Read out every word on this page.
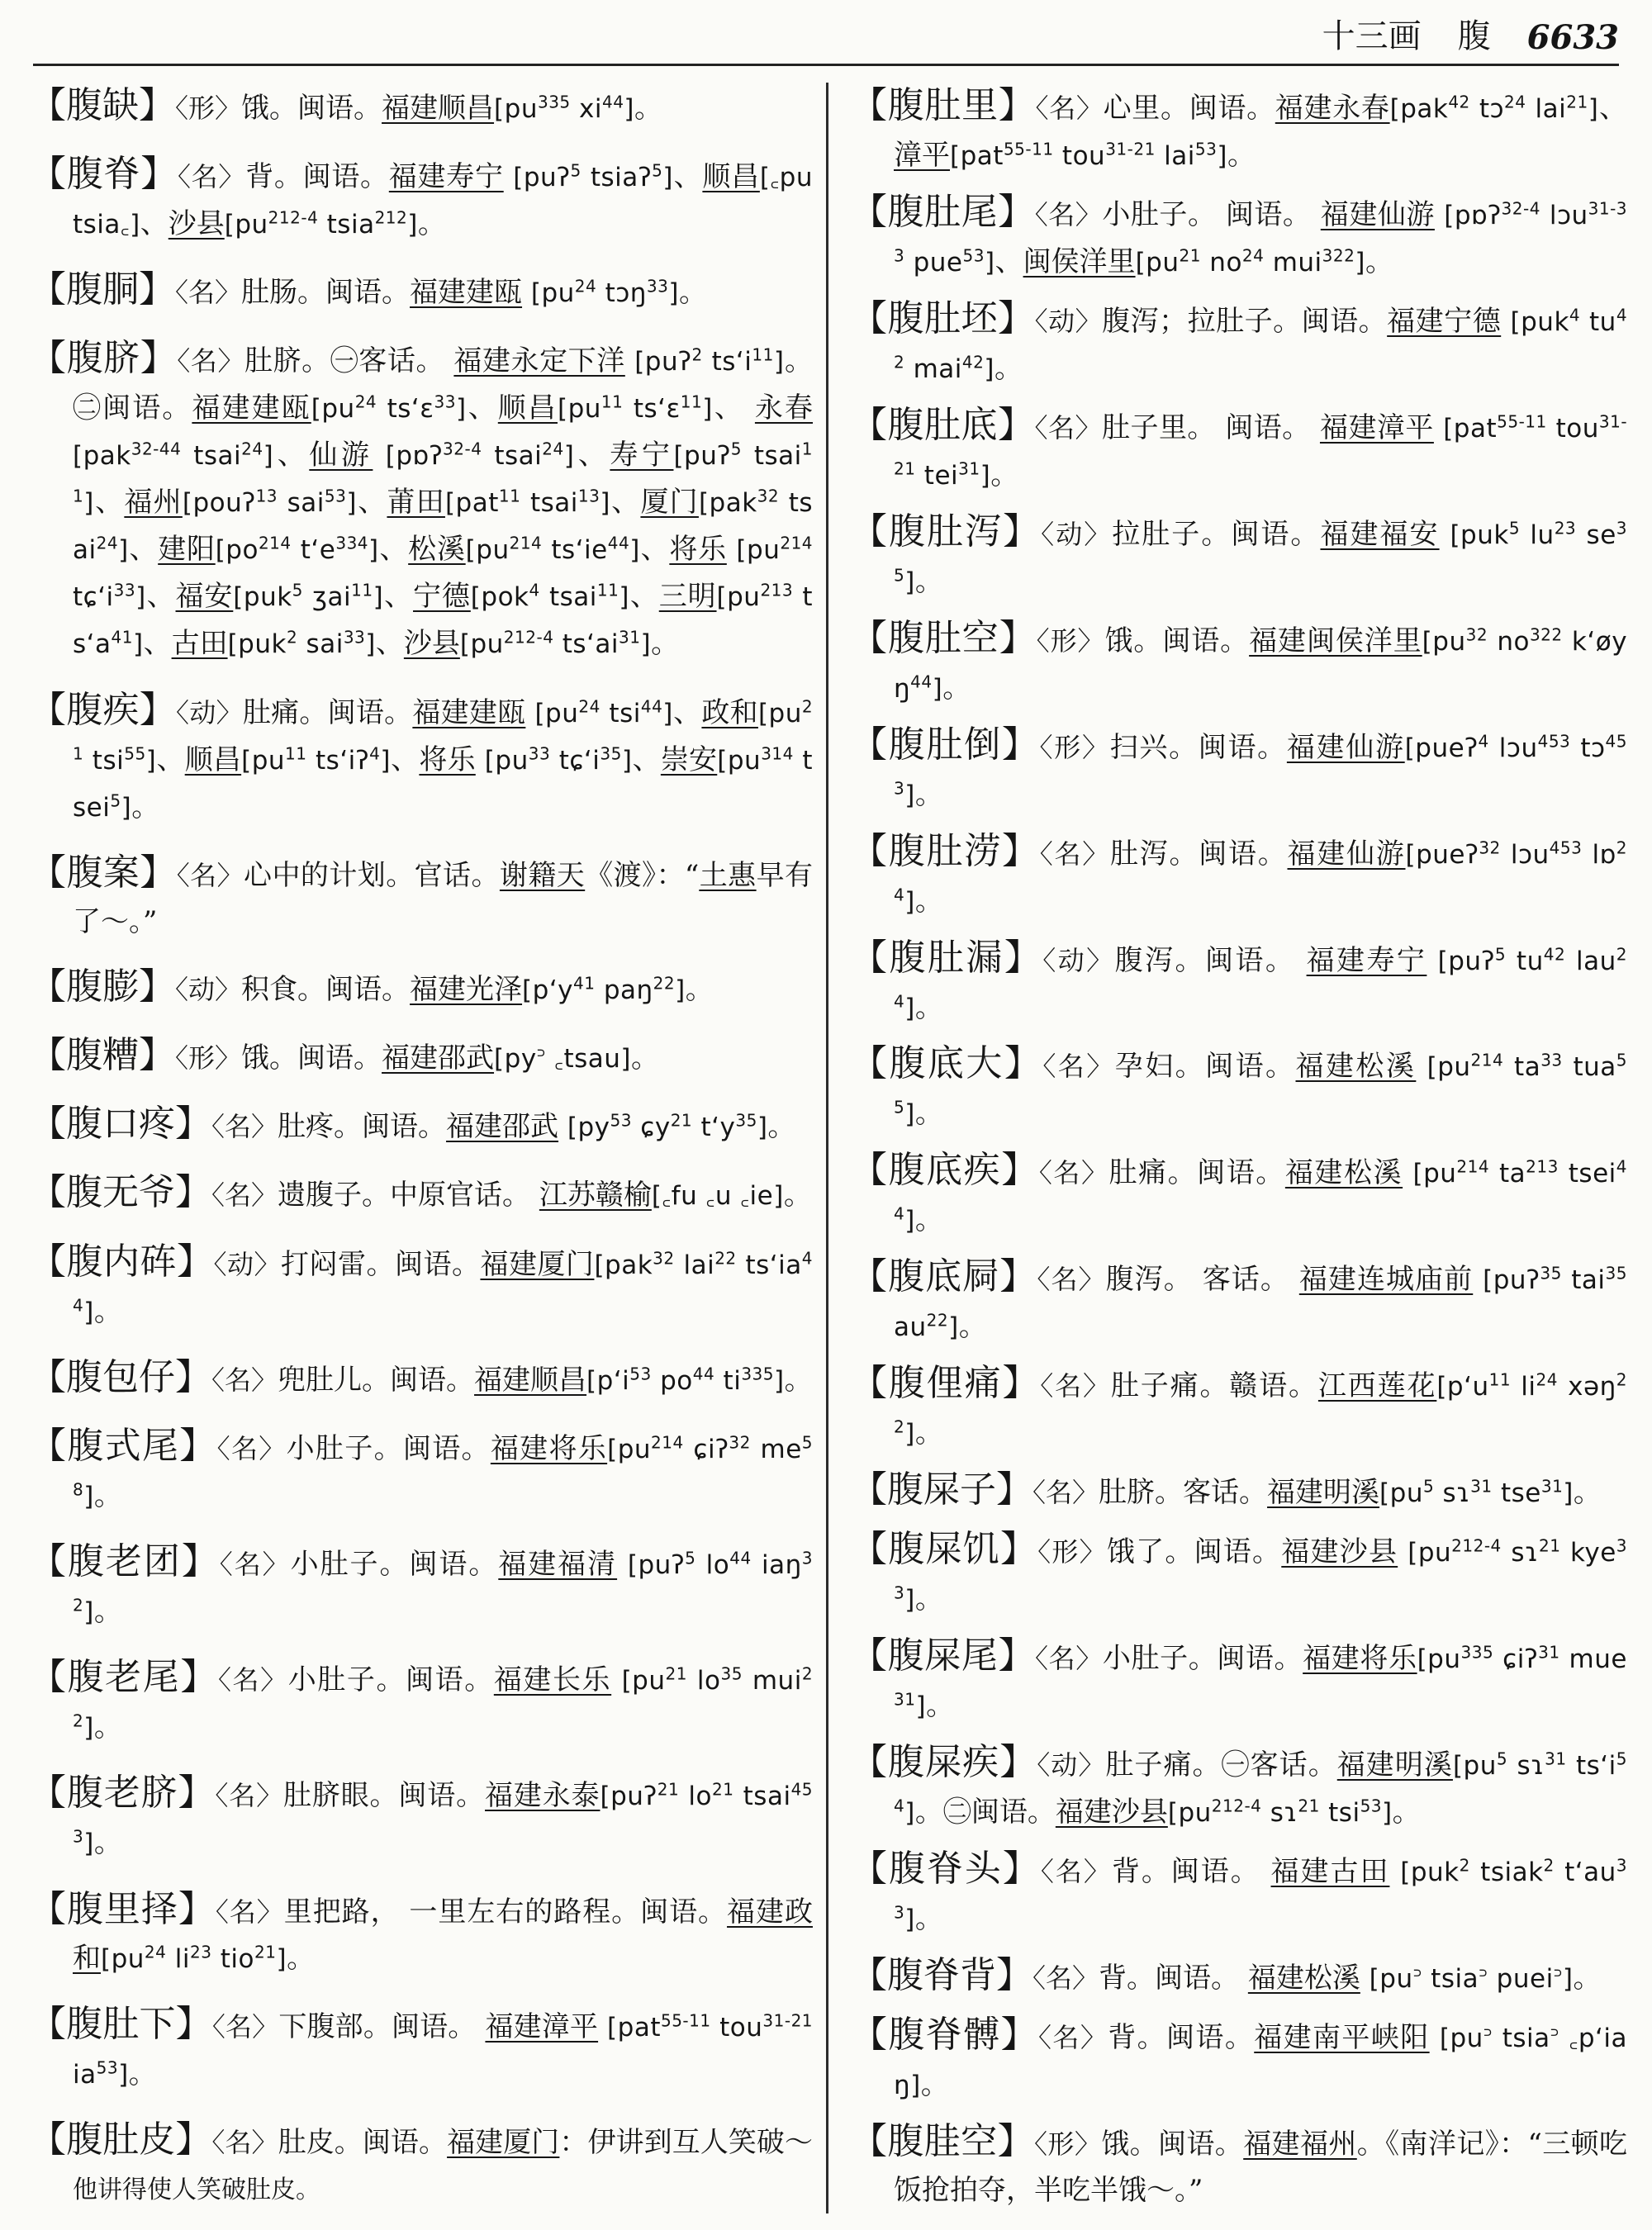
十三画 腹 6633
【 腹缺 】 〈 形 〉 饿。闽语。福建顺昌[$pu^{335}$ $xi^{44}$]。
【 腹脊 】 〈 名 〉 背。闽语。福建寿宁 [puʔ$^5$ tsiaʔ$^5$]、顺昌[꜀pu tsia꜀]、沙县[$pu^{212-4}$ tsia$^{212}$]。
【 腹胴 】 〈 名 〉 肚肠。闽语。福建建瓯 [$pu^{24}$ tɔŋ$^{33}$]。
【 腹脐 】 〈 名 〉 肚脐。㊀客话。 福建永定下洋 [puʔ$^2$ tsʻi$^{11}$]。㊁闽语。福建建瓯[$pu^{24}$ tsʻɛ$^{33}$]、顺昌[$pu^{11}$ tsʻɛ$^{11}$]、 永春 [pak$^{32-44}$ tsai$^{24}$]、仙游 [pɒʔ$^{32-4}$ tsai$^{24}$]、寿宁[puʔ$^5$ tsai$^{11}$]、福州[pouʔ$^{13}$ sai$^{53}$]、莆田[pat$^{11}$ tsai$^{13}$]、厦门[pak$^{32}$ tsai$^{24}$]、建阳[$po^{214}$ tʻe$^{334}$]、松溪[$pu^{214}$ tsʻie$^{44}$]、将乐 [$pu^{214}$ tɕʻi$^{33}$]、福安[puk$^5$ ʒai$^{11}$]、宁德[pok$^4$ tsai$^{11}$]、三明[$pu^{213}$ tsʻa$^{41}$]、古田[puk$^2$ sai$^{33}$]、沙县[$pu^{212-4}$ tsʻai$^{31}$]。
【 腹疾 】 〈 动 〉 肚痛。闽语。福建建瓯 [$pu^{24}$ tsi$^{44}$]、政和[$pu^{21}$ tsi$^{55}$]、顺昌[$pu^{11}$ tsʻiʔ$^4$]、将乐 [$pu^{33}$ tɕʻi$^{35}$]、崇安[$pu^{314}$ tsei$^5$]。
【 腹案 】 〈 名 〉 心中的计划。官话。谢籍天《渡》：“土惠早有了～。”
【 腹膨 】 〈 动 〉 积食。闽语。福建光泽[pʻy$^{41}$ paŋ$^{22}$]。
【 腹糟 】 〈 形 〉 饿。闽语。福建邵武[py꜄ ꜀tsau]。
【 腹口疼 】 〈 名 〉 肚疼。闽语。福建邵武 [$py^{53}$ ɕy$^{21}$ tʻy$^{35}$]。
【 腹无爷 】 〈 名 〉 遗腹子。中原官话。 江苏赣榆[꜀fu ꜀u ꜀ie]。
【 腹内砗 】 〈 动 〉 打闷雷。闽语。福建厦门[pak$^{32}$ lai$^{22}$ tsʻia$^{44}$]。
【 腹包仔 】 〈 名 〉 兜肚儿。闽语。福建顺昌[pʻi$^{53}$ $po^{44}$ $ti^{335}$]。
【 腹式尾 】 〈 名 〉 小肚子。闽语。福建将乐[$pu^{214}$ ɕiʔ$^{32}$ $me^{58}$]。
【 腹老团 】 〈 名 〉 小肚子。闽语。福建福清 [puʔ$^5$ $lo^{44}$ iaŋ$^{32}$]。
【 腹老尾 】 〈 名 〉 小肚子。闽语。福建长乐 [$pu^{21}$ $lo^{35}$ mui$^{22}$]。
【 腹老脐 】 〈 名 〉 肚脐眼。闽语。福建永泰[puʔ$^{21}$ $lo^{21}$ tsai$^{453}$]。
【 腹里择 】 〈 名 〉 里把路， 一里左右的路程。闽语。福建政和[$pu^{24}$ $li^{23}$ tio$^{21}$]。
【 腹肚下 】 〈 名 〉 下腹部。闽语。 福建漳平 [pat$^{55-11}$ tou$^{31-21}$ $ia^{53}$]。
【 腹肚皮 】 〈 名 〉 肚皮。闽语。福建厦门：伊讲到互人笑破～他讲得使人笑破肚皮。
【 腹肚里 】 〈 名 〉 心里。闽语。福建永春[pak$^{42}$ tɔ$^{24}$ lai$^{21}$]、漳平[pat$^{55-11}$ tou$^{31-21}$ lai$^{53}$]。
【 腹肚尾 】 〈 名 〉 小肚子。 闽语。 福建仙游 [pɒʔ$^{32-4}$ lɔu$^{31-33}$ pue$^{53}$]、闽侯洋里[$pu^{21}$ $no^{24}$ mui$^{322}$]。
【 腹肚坯 】 〈 动 〉 腹泻；拉肚子。闽语。福建宁德 [puk$^4$ $tu^{42}$ mai$^{42}$]。
【 腹肚底 】 〈 名 〉 肚子里。 闽语。 福建漳平 [pat$^{55-11}$ tou$^{31-21}$ tei$^{31}$]。
【 腹肚泻 】 〈 动 〉 拉肚子。闽语。福建福安 [puk$^5$ $lu^{23}$ $se^{35}$]。
【 腹肚空 】 〈 形 〉 饿。闽语。福建闽侯洋里[$pu^{32}$ $no^{322}$ kʻøyŋ$^{44}$]。
【 腹肚倒 】 〈 形 〉 扫兴。闽语。福建仙游[pueʔ$^4$ lɔu$^{453}$ tɔ$^{453}$]。
【 腹肚涝 】 〈 名 〉 肚泻。闽语。福建仙游[pueʔ$^{32}$ lɔu$^{453}$ lɒ$^{24}$]。
【 腹肚漏 】 〈 动 〉 腹泻。闽语。 福建寿宁 [puʔ$^5$ $tu^{42}$ lau$^{24}$]。
【 腹底大 】 〈 名 〉 孕妇。闽语。福建松溪 [$pu^{214}$ $ta^{33}$ tua$^{55}$]。
【 腹底疾 】 〈 名 〉 肚痛。闽语。福建松溪 [$pu^{214}$ $ta^{213}$ tsei$^{44}$]。
【 腹底屙 】 〈 名 〉 腹泻。 客话。 福建连城庙前 [puʔ$^{35}$ tai$^{35}$ $au^{22}$]。
【 腹俚痛 】 〈 名 〉 肚子痛。赣语。江西莲花[pʻu$^{11}$ $li^{24}$ xəŋ$^{22}$]。
【 腹屎子 】 〈 名 〉 肚脐。客话。福建明溪[$pu^5$ sɿ$^{31}$ tse$^{31}$]。
【 腹屎饥 】 〈 形 〉 饿了。闽语。福建沙县 [$pu^{212-4}$ sɿ$^{21}$ kye$^{33}$]。
【 腹屎尾 】 〈 名 〉 小肚子。闽语。福建将乐[$pu^{335}$ ɕiʔ$^{31}$ mue$^{31}$]。
【 腹屎疾 】 〈 动 〉 肚子痛。㊀客话。福建明溪[$pu^5$ sɿ$^{31}$ tsʻi$^{54}$]。㊁闽语。福建沙县[$pu^{212-4}$ sɿ$^{21}$ tsi$^{53}$]。
【 腹脊头 】 〈 名 〉 背。闽语。 福建古田 [puk$^2$ tsiak$^2$ tʻau$^{33}$]。
【 腹脊背 】 〈 名 〉 背。闽语。 福建松溪 [pu꜄ tsia꜄ puei꜄]。
【 腹脊髆 】 〈 名 〉 背。闽语。福建南平峡阳 [pu꜄ tsia꜄ ꜀pʻiaŋ]。
【 腹胿空 】 〈 形 〉 饿。闽语。福建福州。《南洋记》：“三顿吃饭抢拍夺，半吃半饿～。”
